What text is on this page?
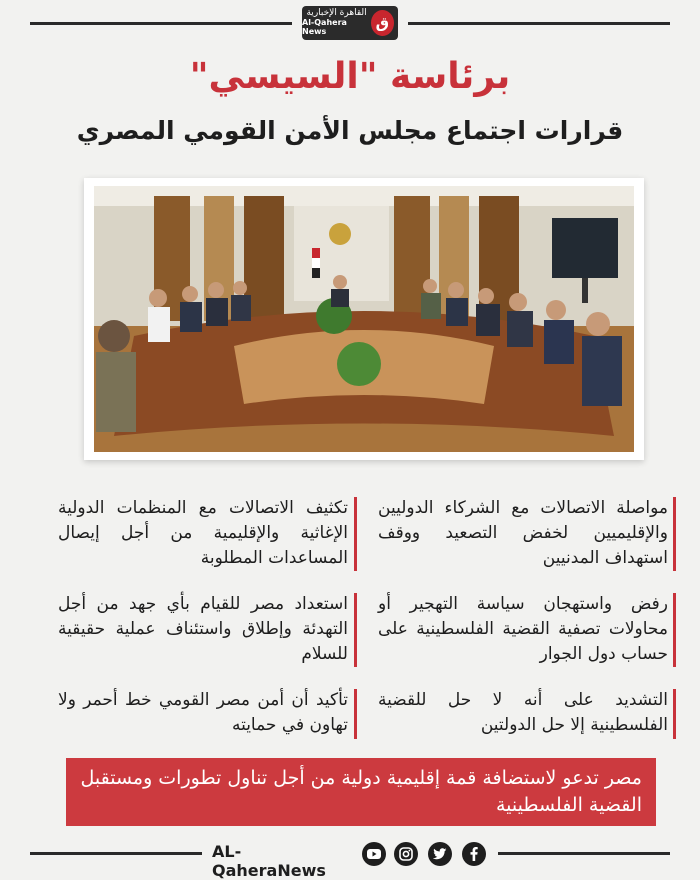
القاهرة الإخبارية
Al-Qahera News	ق
برئاسة "السيسي"
قرارات اجتماع مجلس الأمن القومي المصري
مواصلة الاتصالات مع الشركاء الدوليين والإقليميين لخفض التصعيد ووقف استهداف المدنيين
رفض واستهجان سياسة التهجير أو محاولات تصفية القضية الفلسطينية على حساب دول الجوار
التشديد على أنه لا حل للقضية الفلسطينية إلا حل الدولتين
تكثيف الاتصالات مع المنظمات الدولية الإغاثية والإقليمية من أجل إيصال المساعدات المطلوبة
استعداد مصر للقيام بأي جهد من أجل التهدئة وإطلاق واستئناف عملية حقيقية للسلام
تأكيد أن أمن مصر القومي خط أحمر ولا تهاون في حمايته
مصر تدعو لاستضافة قمة إقليمية دولية من أجل تناول تطورات ومستقبل القضية الفلسطينية
AL-QaheraNews
